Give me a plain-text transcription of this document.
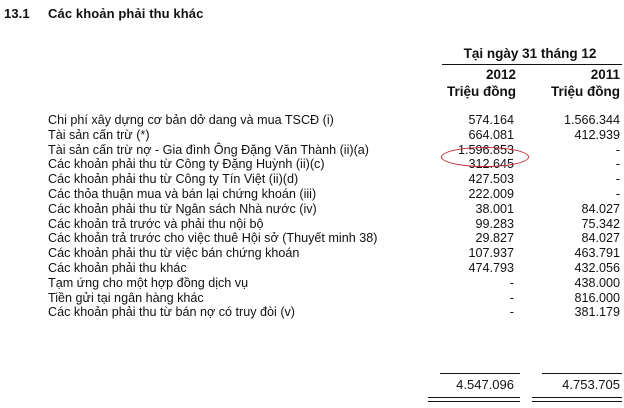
13.1 Các khoản phải thu khác
Tại ngày 31 tháng 12
2012
Triệu đồng
2011
Triệu đồng
Chi phí xây dựng cơ bản dở dang và mua TSCĐ (i)	574.164	1.566.344
Tài sản cấn trừ (*)	664.081	412.939
Tài sản cấn trừ nợ - Gia đình Ông Đặng Văn Thành (ii)(a)	1.596.853	-
Các khoản phải thu từ Công ty Đặng Huỳnh (ii)(c)	312.645	-
Các khoản phải thu từ Công ty Tín Việt (ii)(d)	427.503	-
Các thỏa thuận mua và bán lại chứng khoán (iii)	222.009	-
Các khoản phải thu từ Ngân sách Nhà nước (iv)	38.001	84.027
Các khoản trả trước và phải thu nội bộ	99.283	75.342
Các khoản trả trước cho việc thuê Hội sở (Thuyết minh 38)	29.827	84.027
Các khoản phải thu từ việc bán chứng khoán	107.937	463.791
Các khoản phải thu khác	474.793	432.056
Tạm ứng cho một hợp đồng dịch vụ	-	438.000
Tiền gửi tại ngân hàng khác	-	816.000
Các khoản phải thu từ bán nợ có truy đòi (v)	-	381.179
4.547.096	4.753.705
